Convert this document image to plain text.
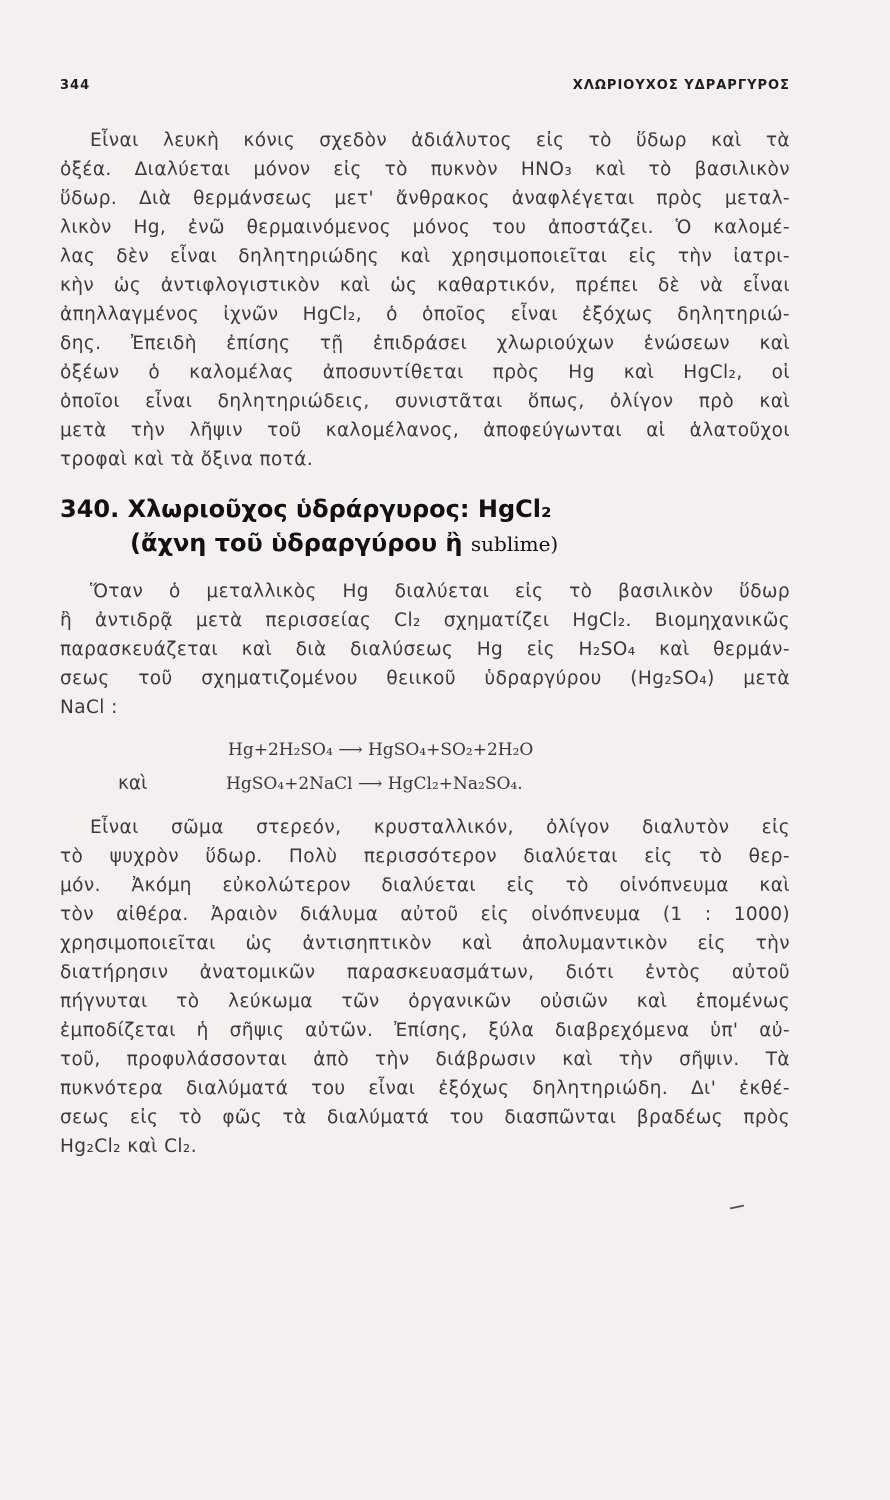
344	ΧΛΩΡΙΟΥΧΟΣ ΥΔΡΑΡΓΥΡΟΣ
Εἶναι λευκὴ κόνις σχεδὸν ἀδιάλυτος εἰς τὸ ὕδωρ καὶ τὰ
ὀξέα. Διαλύεται μόνον εἰς τὸ πυκνὸν HNO₃ καὶ τὸ βασιλικὸν
ὕδωρ. Διὰ θερμάνσεως μετ' ἄνθρακος ἀναφλέγεται πρὸς μεταλ-
λικὸν Hg, ἐνῶ θερμαινόμενος μόνος του ἀποστάζει. Ὁ καλομέ-
λας δὲν εἶναι δηλητηριώδης καὶ χρησιμοποιεῖται εἰς τὴν ἰατρι-
κὴν ὡς ἀντιφλογιστικὸν καὶ ὡς καθαρτικόν, πρέπει δὲ νὰ εἶναι
ἀπηλλαγμένος ἰχνῶν HgCl₂, ὁ ὁποῖος εἶναι ἐξόχως δηλητηριώ-
δης. Ἐπειδὴ ἐπίσης τῇ ἐπιδράσει χλωριούχων ἑνώσεων καὶ
ὀξέων ὁ καλομέλας ἀποσυντίθεται πρὸς Hg καὶ HgCl₂, οἱ
ὁποῖοι εἶναι δηλητηριώδεις, συνιστᾶται ὅπως, ὀλίγον πρὸ καὶ
μετὰ τὴν λῆψιν τοῦ καλομέλανος, ἀποφεύγωνται αἱ ἁλατοῦχοι
τροφαὶ καὶ τὰ ὄξινα ποτά.
340. Χλωριοῦχος ὑδράργυρος: HgCl₂
(ἄχνη τοῦ ὑδραργύρου ἢ sublime)
Ὅταν ὁ μεταλλικὸς Hg διαλύεται εἰς τὸ βασιλικὸν ὕδωρ
ἢ ἀντιδρᾷ μετὰ περισσείας Cl₂ σχηματίζει HgCl₂. Βιομηχανικῶς
παρασκευάζεται καὶ διὰ διαλύσεως Hg εἰς H₂SO₄ καὶ θερμάν-
σεως τοῦ σχηματιζομένου θειικοῦ ὑδραργύρου (Hg₂SO₄) μετὰ
NaCl :
Hg+2H₂SO₄ ⟶ HgSO₄+SO₂+2H₂O
καὶ	HgSO₄+2NaCl ⟶ HgCl₂+Na₂SO₄.
Εἶναι σῶμα στερεόν, κρυσταλλικόν, ὀλίγον διαλυτὸν εἰς
τὸ ψυχρὸν ὕδωρ. Πολὺ περισσότερον διαλύεται εἰς τὸ θερ-
μόν. Ἀκόμη εὐκολώτερον διαλύεται εἰς τὸ οἰνόπνευμα καὶ
τὸν αἰθέρα. Ἀραιὸν διάλυμα αὐτοῦ εἰς οἰνόπνευμα (1 : 1000)
χρησιμοποιεῖται ὡς ἀντισηπτικὸν καὶ ἀπολυμαντικὸν εἰς τὴν
διατήρησιν ἀνατομικῶν παρασκευασμάτων, διότι ἐντὸς αὐτοῦ
πήγνυται τὸ λεύκωμα τῶν ὀργανικῶν οὐσιῶν καὶ ἑπομένως
ἐμποδίζεται ἡ σῆψις αὐτῶν. Ἐπίσης, ξύλα διαβρεχόμενα ὑπ' αὐ-
τοῦ, προφυλάσσονται ἀπὸ τὴν διάβρωσιν καὶ τὴν σῆψιν. Τὰ
πυκνότερα διαλύματά του εἶναι ἐξόχως δηλητηριώδη. Δι' ἐκθέ-
σεως εἰς τὸ φῶς τὰ διαλύματά του διασπῶνται βραδέως πρὸς
Hg₂Cl₂ καὶ Cl₂.
